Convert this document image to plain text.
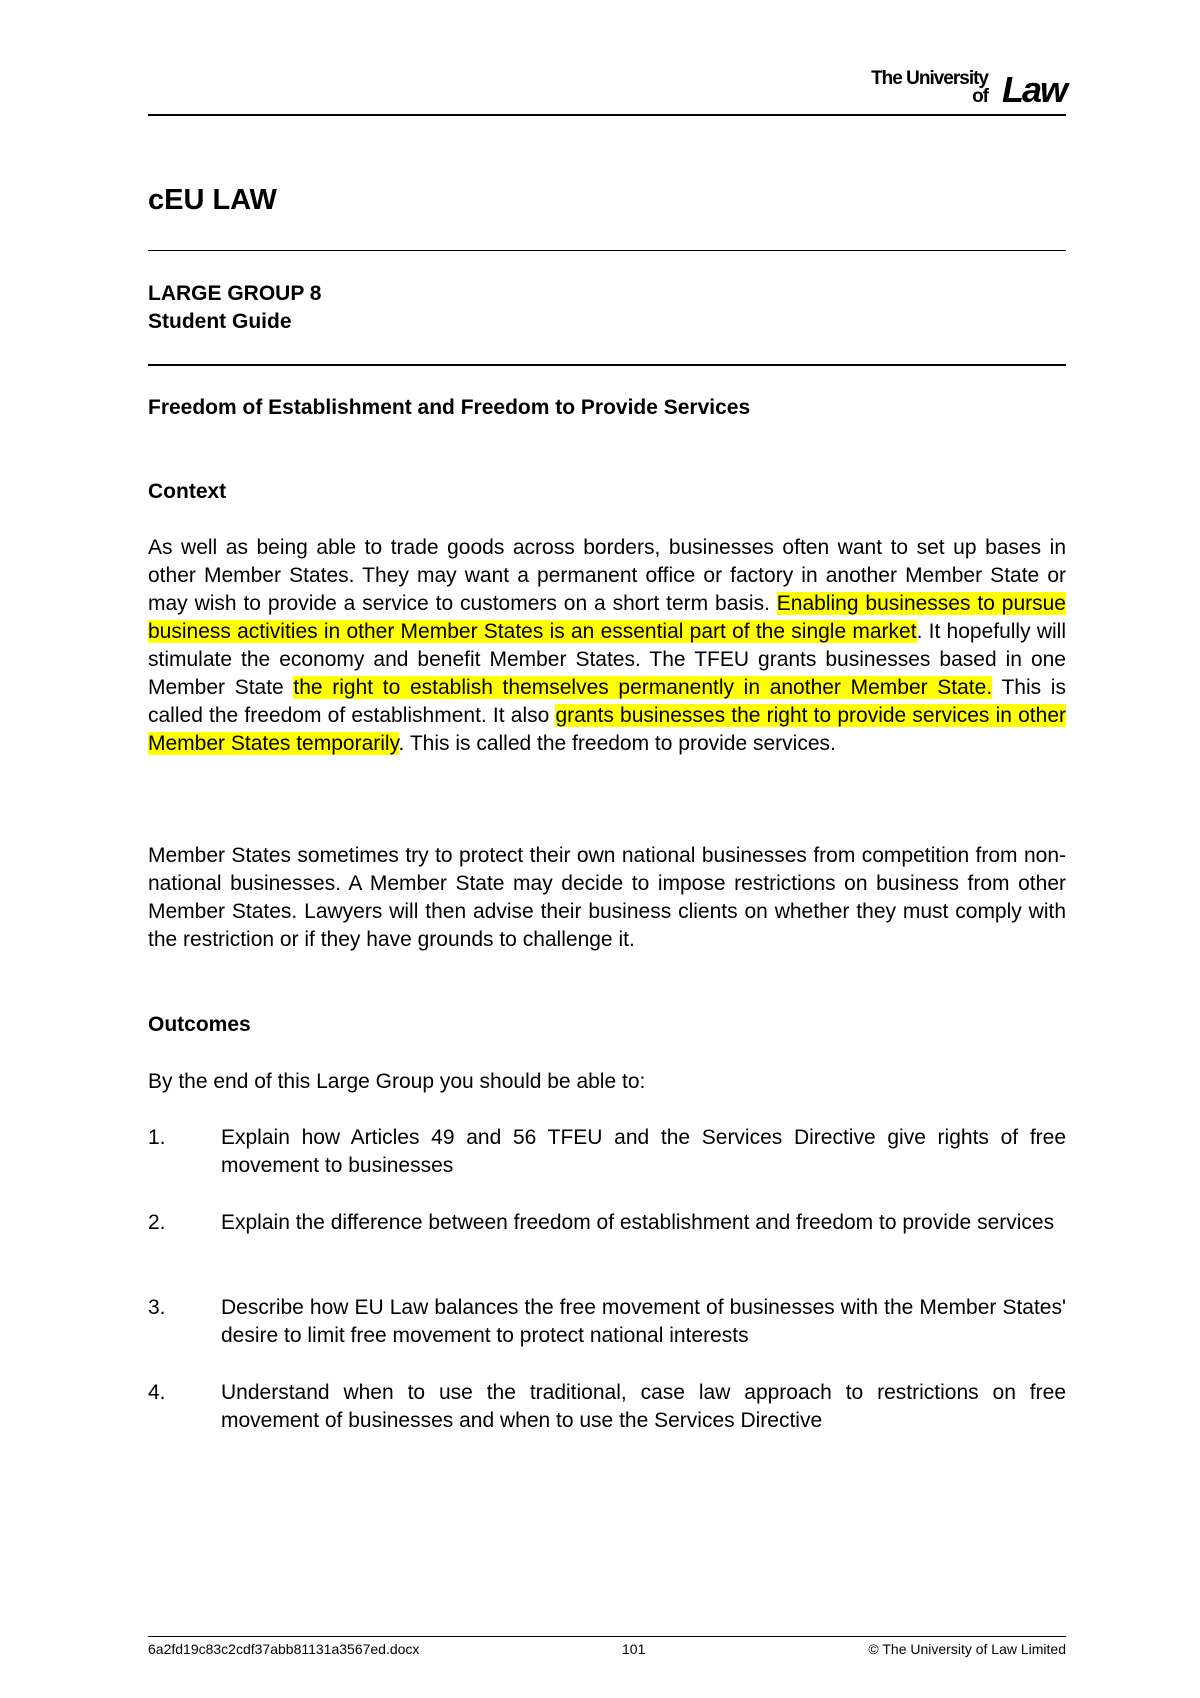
The University
of Law
cEU LAW
LARGE GROUP 8
Student Guide
Freedom of Establishment and Freedom to Provide Services
Context
As well as being able to trade goods across borders, businesses often want to set up bases in other Member States. They may want a permanent office or factory in another Member State or may wish to provide a service to customers on a short term basis. Enabling businesses to pursue business activities in other Member States is an essential part of the single market. It hopefully will stimulate the economy and benefit Member States. The TFEU grants businesses based in one Member State the right to establish themselves permanently in another Member State. This is called the freedom of establishment. It also grants businesses the right to provide services in other Member States temporarily. This is called the freedom to provide services.
Member States sometimes try to protect their own national businesses from competition from non-national businesses. A Member State may decide to impose restrictions on business from other Member States. Lawyers will then advise their business clients on whether they must comply with the restriction or if they have grounds to challenge it.
Outcomes
By the end of this Large Group you should be able to:
1.	Explain how Articles 49 and 56 TFEU and the Services Directive give rights of free movement to businesses
2.	Explain the difference between freedom of establishment and freedom to provide services
3.	Describe how EU Law balances the free movement of businesses with the Member States' desire to limit free movement to protect national interests
4.	Understand when to use the traditional, case law approach to restrictions on free movement of businesses and when to use the Services Directive
6a2fd19c83c2cdf37abb81131a3567ed.docx	101	© The University of Law Limited
